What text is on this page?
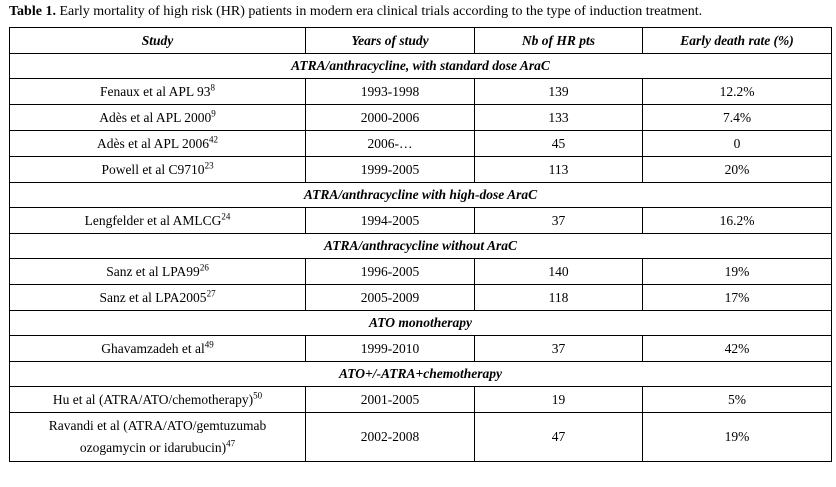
Table 1. Early mortality of high risk (HR) patients in modern era clinical trials according to the type of induction treatment.
Study	Years of study	Nb of HR pts	Early death rate (%)
ATRA/anthracycline, with standard dose AraC			
Fenaux et al APL $93^8$	1993-1998	139	12.2%
Adès et al APL 2000$^9$	2000-2006	133	7.4%
Adès et al APL 2006$^{42}$	2006-…	45	0
Powell et al C9710$^{23}$	1999-2005	113	20%
ATRA/anthracycline with high-dose AraC			
Lengfelder et al AMLCG$^{24}$	1994-2005	37	16.2%
ATRA/anthracycline without AraC			
Sanz et al $LPA99^{26}$	1996-2005	140	19%
Sanz et al LPA2005$^{27}$	2005-2009	118	17%
ATO monotherapy			
Ghavamzadeh et $al^{49}$	1999-2010	37	42%
ATO+/-ATRA+chemotherapy			
Hu et al (ATRA/ATO/chemotherapy)$^{50}$	2001-2005	19	5%
Ravandi et al (ATRA/ATO/gemtuzumab
ozogamycin or idarubucin)$^{47}$	2002-2008	47	19%
